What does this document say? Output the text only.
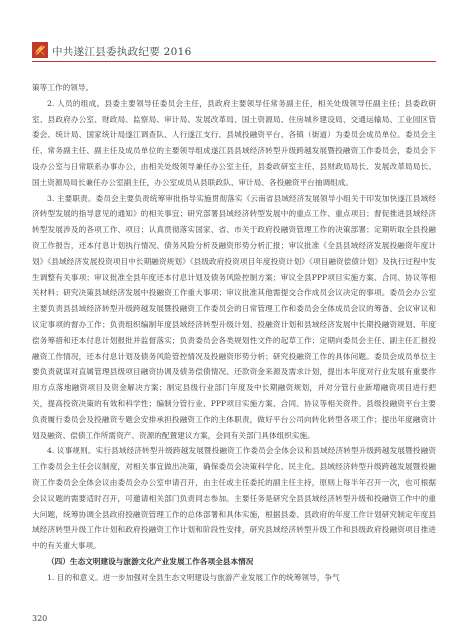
中共遂江县委执政纪要 2016

策等工作的领导。

2. 人员的组成。县委主要领导任委员会主任，县政府主要领导任常务副主任，相关处级领导任副主任；县委政研室、县政府办公室、财政局、监察局、审计局、发展改革局、国土资源局、住房城乡建设局、交通运输局、工业园区管委会、统计局、国家统计局遂江调查队、人行遂江支行、县城投融资平台、各镇（街道）为委员会成员单位。委员会主任、常务副主任、副主任及成员单位的主要领导组成遂江县县域经济转型升级跨越发展暨投融资工作委员会，委员会下设办公室与日常联系办事办公，由相关处级领导兼任办公室主任，县委政研室主任、县财政局局长、发展改革局局长、国土资源局局长兼任办公室副主任，办公室成员从县联政队、审计局、各投融资平台抽调组成。

3. 主要职责。委员会主要负责统筹审批指导实施贯彻落实《云南省县域经济发展领导小组关于印发加快遂江县域经济转型发展的指导意见的通知》的相关事宜；研究部署县域经济转型发展中的重点工作、重点项目；督促推进县域经济转型发展涉及的各项工作、项目；认真贯彻落实国家、省、市关于政府投融资管理工作的决策部署；定期听取全县投融资工作报告，还本付息计划执行情况、债务风险分析及融资形势分析汇报；审议批准《全县县域经济发展投融资年度计划》《县域经济发展投资项目中长期融资规划》《县级政府投资项目年度投资计划》《项目融资偿债计划》及执行过程中发生调整有关事项；审议批准全县年度还本付息计划及债务风险控制方案；审议全县PPP项目实施方案、合同、协议等相关材料；研究决策县域经济发展中投融资工作重大事项；审议批准其他需提交合作成员会议决定的事项。委员会办公室主要负责县县域经济转型升级跨越发展暨投融资工作委员会的日常管理工作和委员会全体成员会议的筹备、会议审议和议定事项的督办工作；负责组织编制年度县域经济转型升级计划、投融资计划和县域经济发展中长期投融资规划、年度偿务筹措和还本付息计划报批并监督落实；负责委员会各类规划性文件的起草工作；定期向委员会主任、副主任汇报投融资工作情况，还本付息计划及债务风险管控情况及投融资形势分析；研究投融资工作的具体问题。委员会成员单位主要负责就谋对直属管理县级项目融资协调及债务偿债情况、还款资金来源及需求计划，提出本年度对行业发展有重要作用方点落地融资项目及资金解决方案；制定县级行业部门年度及中长期融资规划，并对分管行业新增融资项目进行把关，提高投资决策的有效和科学性；编制分管行业、PPP项目实施方案、合同、协议等相关资件。县级投融资平台主要负责履行委员会及投融资专题会安排承担投融资工作的主体职责，做好平台公司向转化转型各项工作；提出年度融资计划及融资、偿债工作所需资产、资源的配置建议方案，会同有关部门具体组织实施。

4. 议事规则。实行县域经济转型升级跨越发展暨投融资工作委员会全体会议和县域经济转型升级跨越发展暨投融资工作委员会主任会议制度，对相关事宜做出决策，确保委员会决策科学化、民主化。县域经济转型升级跨越发展暨投融资工作委员会全体会议由委员会办公室申请召开，由主任或主任委托的副主任主持，原则上每半年召开一次，也可根据会议议题的需要适时召开，可邀请相关部门负责同志参加。主要任务是研究全县县域经济转型升级和投融资工作中的重大问题，统筹协调全县政府投融资管理工作的总体部署和具体实施，根据县委、县政府的年度工作计划研究制定年度县域经济转型升级工作计划和政府投融资工作计划和阶段性安排，研究县域经济转型升级工作和县级政府投融资项目推进中的有关重大事项。

（四）生态文明建设与旅游文化产业发展工作各项全县本情况

1. 目的和意义。进一步加强对全县生态文明建设与旅游产业发展工作的统筹领导，争气

320
